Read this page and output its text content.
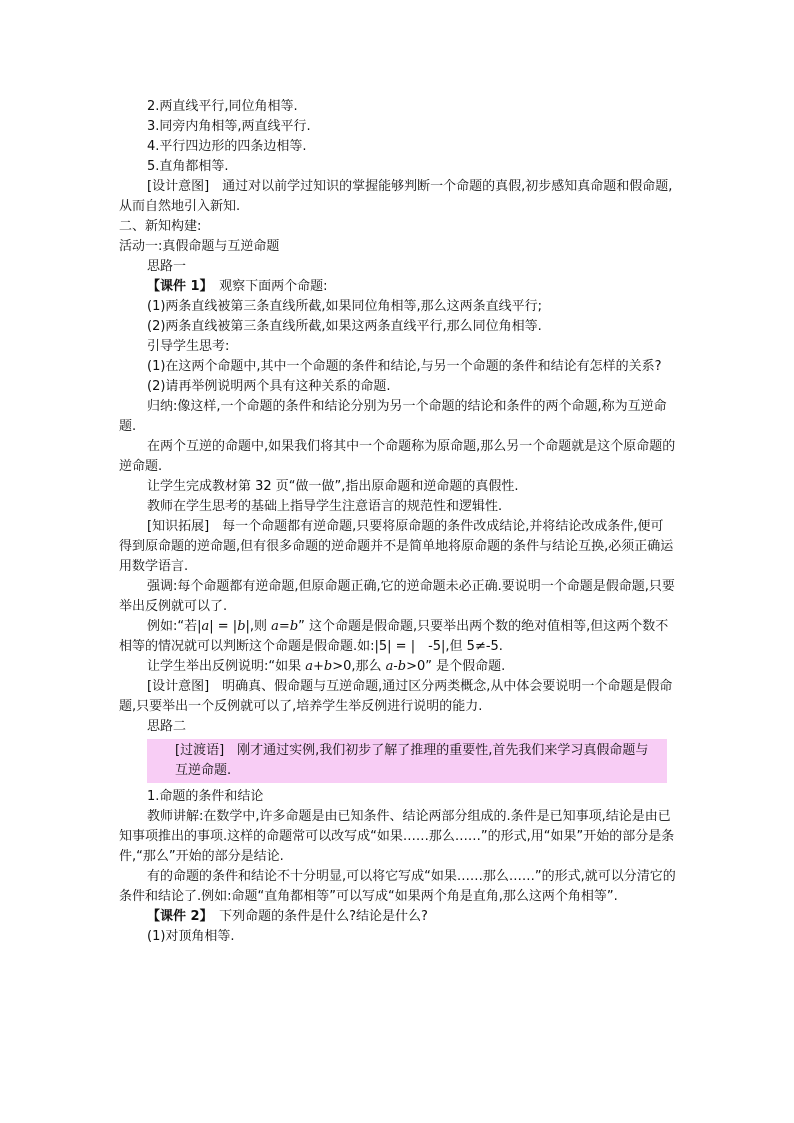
2.两直线平行,同位角相等.

3.同旁内角相等,两直线平行.

4.平行四边形的四条边相等.

5.直角都相等.

[设计意图]　通过对以前学过知识的掌握能够判断一个命题的真假,初步感知真命题和假命题,从而自然地引入新知.

二、新知构建:

活动一:真假命题与互逆命题

思路一

【课件 1】　观察下面两个命题:

(1)两条直线被第三条直线所截,如果同位角相等,那么这两条直线平行;

(2)两条直线被第三条直线所截,如果这两条直线平行,那么同位角相等.

引导学生思考:

(1)在这两个命题中,其中一个命题的条件和结论,与另一个命题的条件和结论有怎样的关系?

(2)请再举例说明两个具有这种关系的命题.

归纳:像这样,一个命题的条件和结论分别为另一个命题的结论和条件的两个命题,称为互逆命题.

在两个互逆的命题中,如果我们将其中一个命题称为原命题,那么另一个命题就是这个原命题的逆命题.

让学生完成教材第 32 页“做一做”,指出原命题和逆命题的真假性.

教师在学生思考的基础上指导学生注意语言的规范性和逻辑性.

[知识拓展]　每一个命题都有逆命题,只要将原命题的条件改成结论,并将结论改成条件,便可得到原命题的逆命题,但有很多命题的逆命题并不是简单地将原命题的条件与结论互换,必须正确运用数学语言.

强调:每个命题都有逆命题,但原命题正确,它的逆命题未必正确.要说明一个命题是假命题,只要举出反例就可以了.

例如:“若|a| = |b|,则 a=b” 这个命题是假命题,只要举出两个数的绝对值相等,但这两个数不相等的情况就可以判断这个命题是假命题.如:|5| = |　-5|,但 5≠-5.

让学生举出反例说明:“如果 a+b>0,那么 a-b>0” 是个假命题.

[设计意图]　明确真、假命题与互逆命题,通过区分两类概念,从中体会要说明一个命题是假命题,只要举出一个反例就可以了,培养学生举反例进行说明的能力.

思路二

[过渡语]　刚才通过实例,我们初步了解了推理的重要性,首先我们来学习真假命题与互逆命题.

1.命题的条件和结论

教师讲解:在数学中,许多命题是由已知条件、结论两部分组成的.条件是已知事项,结论是由已知事项推出的事项.这样的命题常可以改写成“如果……那么……”的形式,用“如果”开始的部分是条件,“那么”开始的部分是结论.

有的命题的条件和结论不十分明显,可以将它写成“如果……那么……”的形式,就可以分清它的条件和结论了.例如:命题“直角都相等”可以写成“如果两个角是直角,那么这两个角相等”.

【课件 2】　下列命题的条件是什么?结论是什么?

(1)对顶角相等.
